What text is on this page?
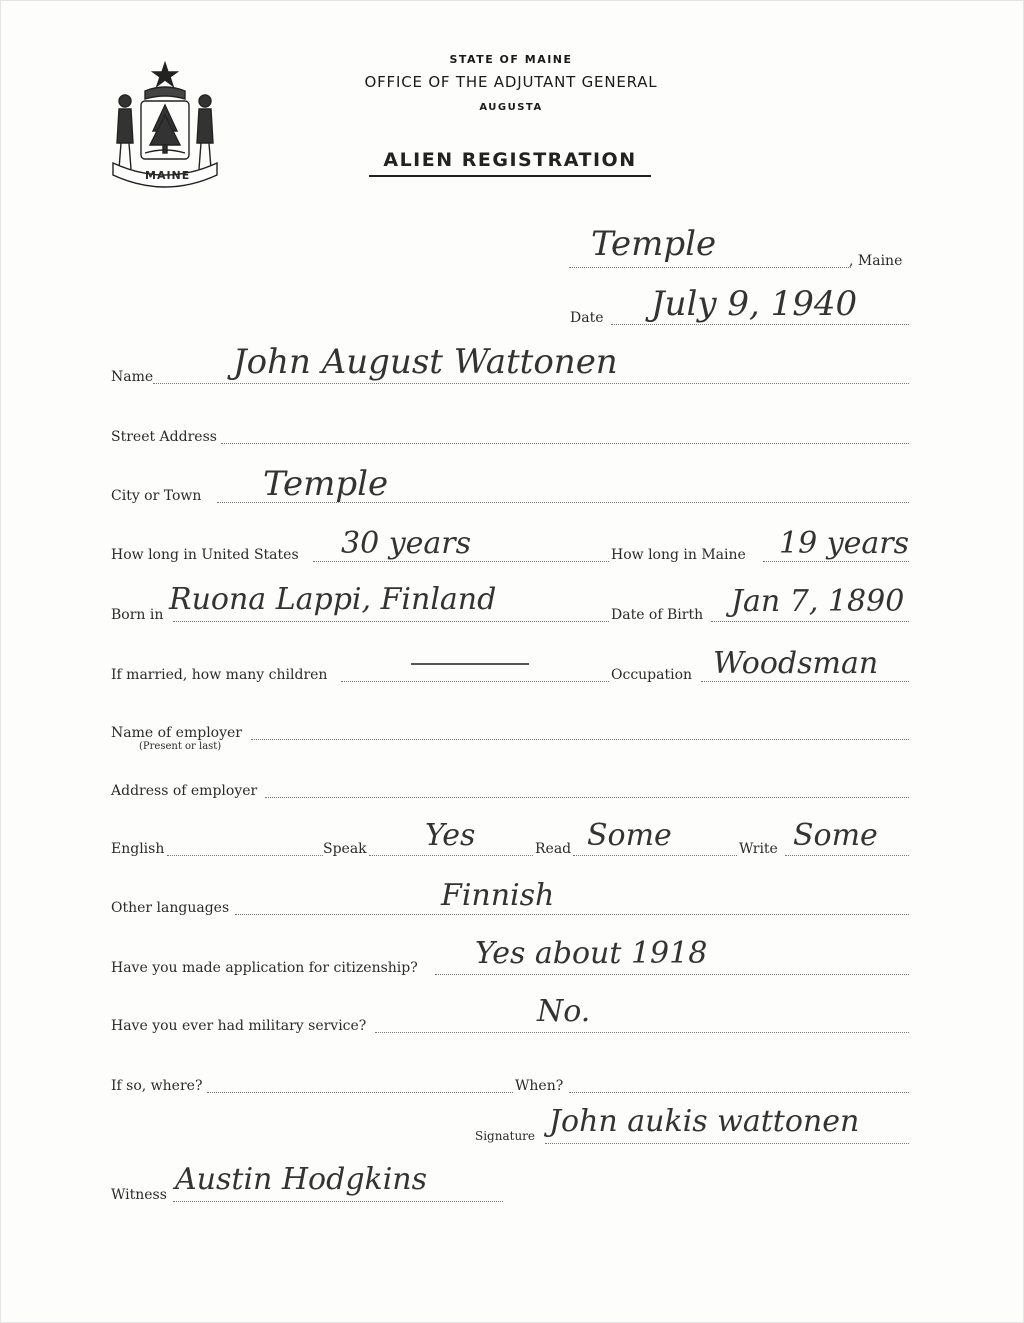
MAINE
STATE OF MAINE
OFFICE OF THE ADJUTANT GENERAL
AUGUSTA
ALIEN REGISTRATION
Temple	, Maine
Date July 9, 1940
Name John August Wattonen
Street Address
City or Town Temple
How long in United States 30 years	How long in Maine 19 years
Born in Ruona Lappi, Finland	Date of Birth Jan 7, 1890
If married, how many children	Occupation Woodsman
Name of employer
(Present or last)
Address of employer
English	Speak Yes	Read Some	Write Some
Other languages	Finnish
Have you made application for citizenship? Yes about 1918
Have you ever had military service?	No.
If so, where?	When?
Signature John aukis wattonen
Witness Austin Hodgkins
